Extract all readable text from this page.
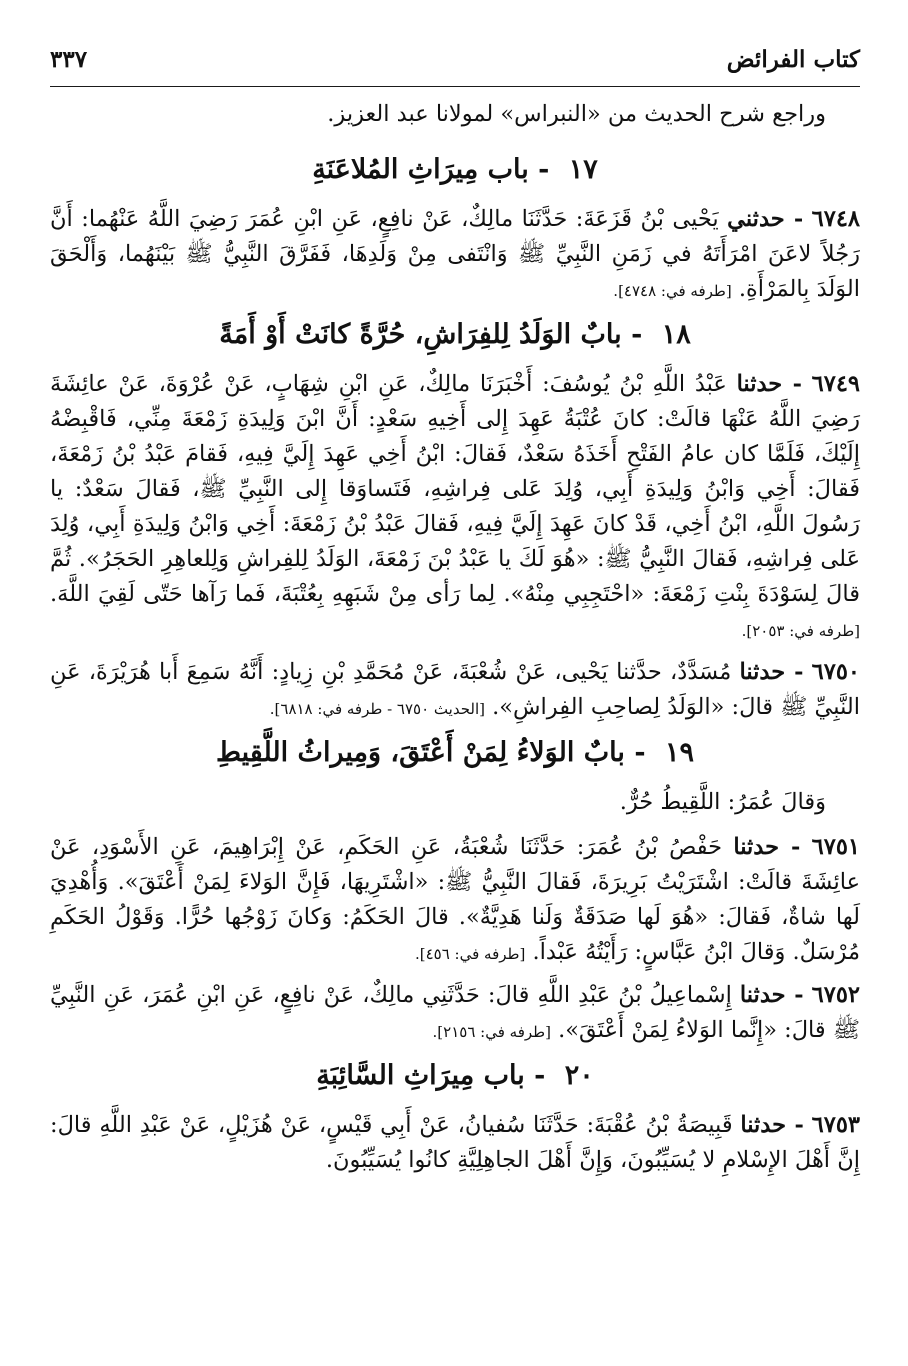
كتاب الفرائض
٣٣٧

وراجع شرح الحديث من «النبراس» لمولانا عبد العزيز.

١٧ - باب مِيرَاثِ المُلاعَنَةِ

٦٧٤٨ - حدثني يَحْيى بْنُ قَزَعَةَ: حَدَّثَنَا مالِكٌ، عَنْ نافِعٍ، عَنِ ابْنِ عُمَرَ رَضِيَ اللَّهُ عَنْهُما: أَنَّ رَجُلاً لاعَنَ امْرَأَتَهُ في زَمَنِ النَّبِيِّ ﷺ وَانْتَفى مِنْ وَلَدِهَا، فَفَرَّقَ النَّبِيُّ ﷺ بَيْنَهُما، وَأَلْحَقَ الوَلَدَ بِالمَرْأَةِ. [طرفه في: ٤٧٤٨].

١٨ - بابٌ الوَلَدُ لِلفِرَاشِ، حُرَّةً كانَتْ أَوْ أَمَةً

٦٧٤٩ - حدثنا عَبْدُ اللَّهِ بْنُ يُوسُفَ: أَخْبَرَنَا مالِكٌ، عَنِ ابْنِ شِهَابٍ، عَنْ عُرْوَةَ، عَنْ عائِشَةَ رَضِيَ اللَّهُ عَنْهَا قالَتْ: كانَ عُتْبَةُ عَهِدَ إِلى أَخِيهِ سَعْدٍ: أَنَّ ابْنَ وَلِيدَةِ زَمْعَةَ مِنِّي، فَاقْبِضْهُ إِلَيْكَ، فَلَمَّا كان عامُ الفَتْحِ أَخَذَهُ سَعْدٌ، فَقالَ: ابْنُ أَخِي عَهِدَ إِلَيَّ فِيهِ، فَقامَ عَبْدُ بْنُ زَمْعَةَ، فَقالَ: أَخِي وَابْنُ وَلِيدَةِ أَبِي، وُلِدَ عَلى فِراشِهِ، فَتَساوَقا إِلى النَّبِيِّ ﷺ، فَقالَ سَعْدٌ: يا رَسُولَ اللَّهِ، ابْنُ أَخِي، قَدْ كانَ عَهِدَ إِلَيَّ فِيهِ، فَقالَ عَبْدُ بْنُ زَمْعَةَ: أَخِي وَابْنُ وَلِيدَةِ أَبِي، وُلِدَ عَلى فِراشِهِ، فَقالَ النَّبِيُّ ﷺ: «هُوَ لَكَ يا عَبْدُ بْنَ زَمْعَةَ، الوَلَدُ لِلفِراشِ وَلِلعاهِرِ الحَجَرُ». ثُمَّ قالَ لِسَوْدَةَ بِنْتِ زَمْعَةَ: «احْتَجِبِي مِنْهُ». لِما رَأى مِنْ شَبَهِهِ بِعُتْبَةَ، فَما رَآها حَتّى لَقِيَ اللَّهَ. [طرفه في: ٢٠٥٣].

٦٧٥٠ - حدثنا مُسَدَّدٌ، حدَّثنا يَحْيى، عَنْ شُعْبَةَ، عَنْ مُحَمَّدِ بْنِ زِيادٍ: أَنَّهُ سَمِعَ أَبا هُرَيْرَةَ، عَنِ النَّبِيِّ ﷺ قالَ: «الوَلَدُ لِصاحِبِ الفِراشِ». [الحديث ٦٧٥٠ - طرفه في: ٦٨١٨].

١٩ - بابٌ الوَلاءُ لِمَنْ أَعْتَقَ، وَمِيراثُ اللَّقِيطِ

وَقالَ عُمَرُ: اللَّقِيطُ حُرٌّ.

٦٧٥١ - حدثنا حَفْصُ بْنُ عُمَرَ: حَدَّثَنَا شُعْبَةُ، عَنِ الحَكَمِ، عَنْ إِبْرَاهِيمَ، عَنِ الأَسْوَدِ، عَنْ عائِشَةَ قالَتْ: اشْتَرَيْتُ بَرِيرَةَ، فَقالَ النَّبِيُّ ﷺ: «اشْتَرِيهَا، فَإِنَّ الوَلاءَ لِمَنْ أَعْتَقَ». وَأُهْدِيَ لَها شاةٌ، فَقالَ: «هُوَ لَها صَدَقَةٌ وَلَنا هَدِيَّةٌ». قالَ الحَكَمُ: وَكانَ زَوْجُها حُرًّا. وَقَوْلُ الحَكَمِ مُرْسَلٌ. وَقالَ ابْنُ عَبَّاسٍ: رَأَيْتُهُ عَبْداً. [طرفه في: ٤٥٦].

٦٧٥٢ - حدثنا إِسْماعِيلُ بْنُ عَبْدِ اللَّهِ قالَ: حَدَّثَنِي مالِكٌ، عَنْ نافِعٍ، عَنِ ابْنِ عُمَرَ، عَنِ النَّبِيِّ ﷺ قالَ: «إِنَّما الوَلاءُ لِمَنْ أَعْتَقَ». [طرفه في: ٢١٥٦].

٢٠ - باب مِيرَاثِ السَّائِبَةِ

٦٧٥٣ - حدثنا قَبِيصَةُ بْنُ عُقْبَةَ: حَدَّثَنَا سُفيانُ، عَنْ أَبِي قَيْسٍ، عَنْ هُزَيْلٍ، عَنْ عَبْدِ اللَّهِ قالَ: إِنَّ أَهْلَ الإِسْلامِ لا يُسَيِّبُونَ، وَإِنَّ أَهْلَ الجاهِلِيَّةِ كانُوا يُسَيِّبُونَ.
